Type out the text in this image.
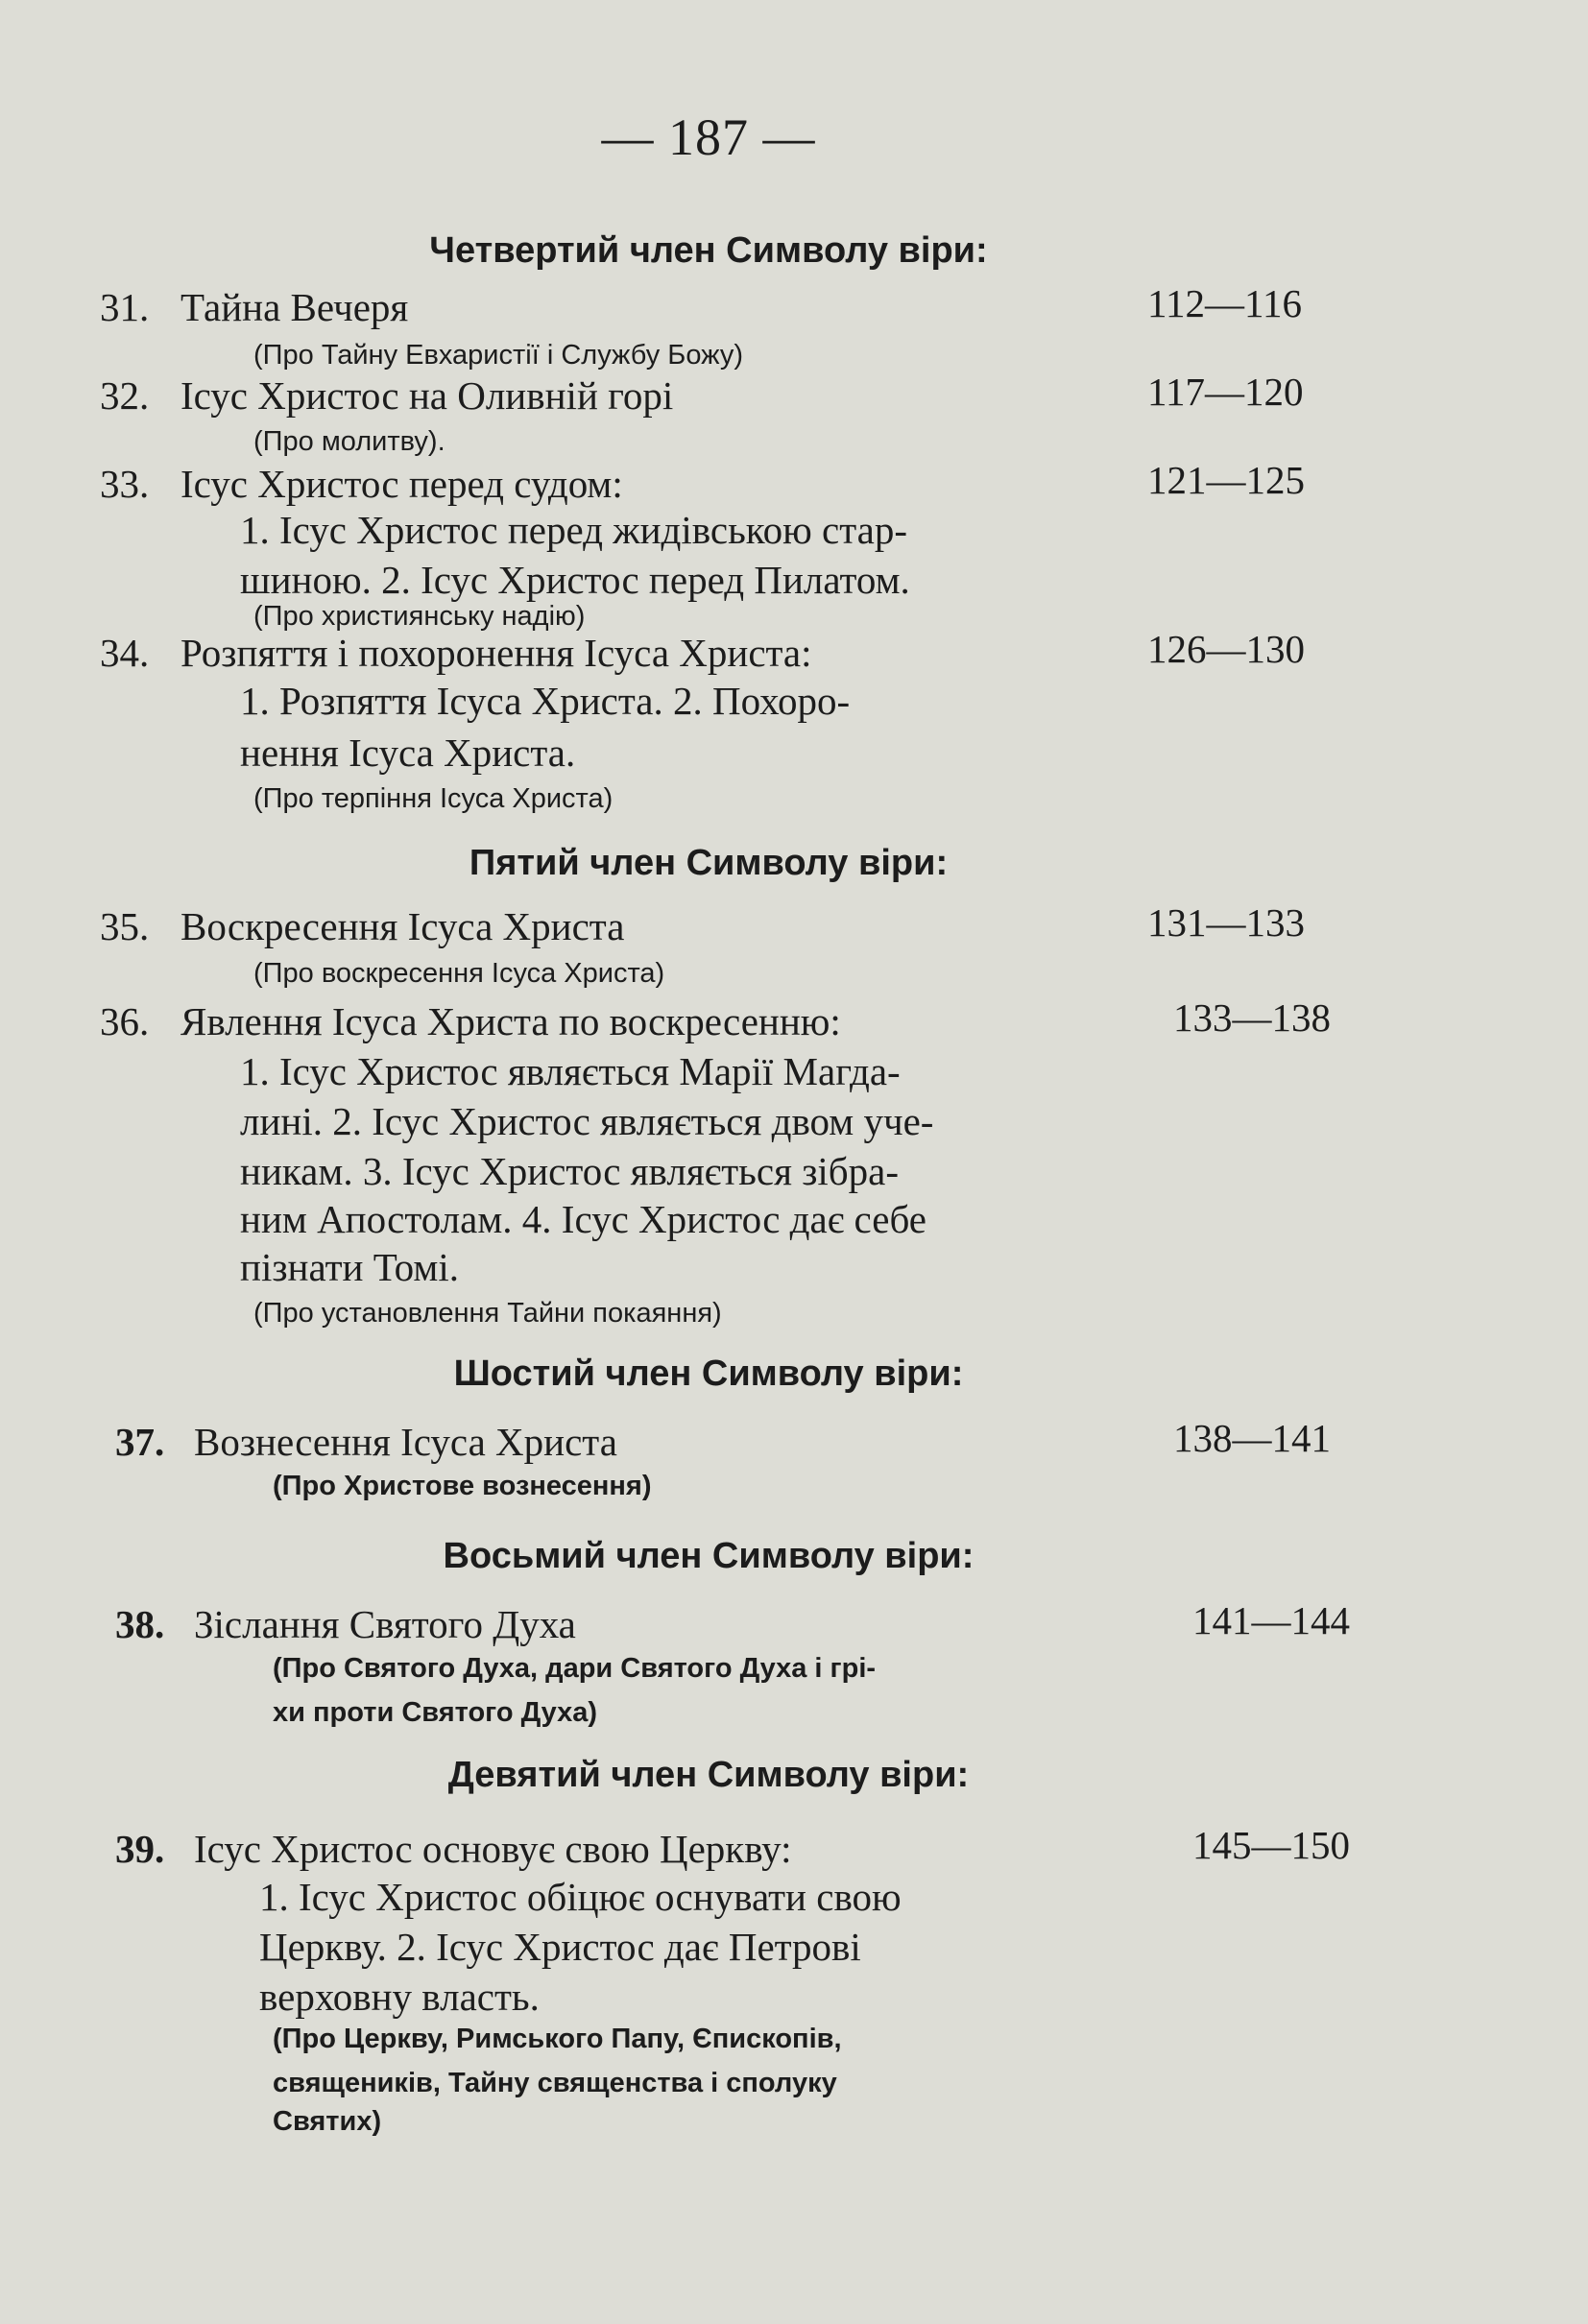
— 187 —
Четвертий член Символу віри:
31. Тайна Вечеря	112—116
(Про Тайну Евхаристії і Службу Божу)
32. Ісус Христос на Оливній горі	117—120
(Про молитву).
33. Ісус Христос перед судом:	121—125
1. Ісус Христос перед жидівською стар-
шиною. 2. Ісус Христос перед Пилатом.
(Про християнську надію)
34. Розпяття і похоронення Ісуса Христа:	126—130
1. Розпяття Ісуса Христа. 2. Похоро-
нення Ісуса Христа.
(Про терпіння Ісуса Христа)
Пятий член Символу віри:
35. Воскресення Ісуса Христа	131—133
(Про воскресення Ісуса Христа)
36. Явлення Ісуса Христа по воскресенню:	133—138
1. Ісус Христос являється Марії Магда-
лині. 2. Ісус Христос являється двом уче-
никам. 3. Ісус Христос являється зібра-
ним Апостолам. 4. Ісус Христос дає себе
пізнати Томі.
(Про установлення Тайни покаяння)
Шостий член Символу віри:
37. Вознесення Ісуса Христа	138—141
(Про Христове вознесення)
Восьмий член Символу віри:
38. Зіслання Святого Духа	141—144
(Про Святого Духа, дари Святого Духа і грі-
хи проти Святого Духа)
Девятий член Символу віри:
39. Ісус Христос основує свою Церкву:	145—150
1. Ісус Христос обіцює оснувати свою
Церкву. 2. Ісус Христос дає Петрові
верховну власть.
(Про Церкву, Римського Папу, Єпископів,
священиків, Тайну священства і сполуку
Святих)
